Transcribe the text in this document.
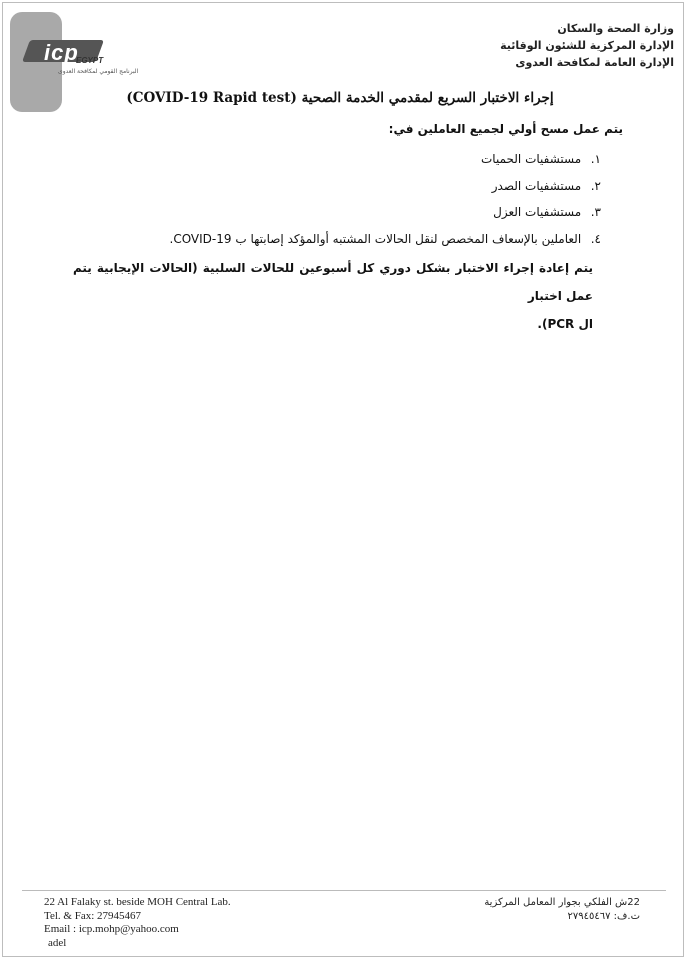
icp
EGYPT
البرنامج القومي لمكافحة العدوى
وزارة الصحة والسكان
الإدارة المركزية للشئون الوقائية
الإدارة العامة لمكافحة العدوى
إجراء الاختبار السريع لمقدمي الخدمة الصحية (COVID-19 Rapid test)
يتم عمل مسح أولي لجميع العاملين في:
١. مستشفيات الحميات
٢. مستشفيات الصدر
٣. مستشفيات العزل
٤. العاملين بالإسعاف المخصص لنقل الحالات المشتبه أوالمؤكد إصابتها ب COVID-19.
يتم إعادة إجراء الاختبار بشكل دوري كل أسبوعين للحالات السلبية (الحالات الإيجابية يتم عمل اختبار
ال PCR).
22 Al Falaky st. beside MOH Central Lab.
Tel. & Fax: 27945467
Email : icp.mohp@yahoo.com
adel
22ش الفلكي بجوار المعامل المركزية
ت.ف: ٢٧٩٤٥٤٦٧
